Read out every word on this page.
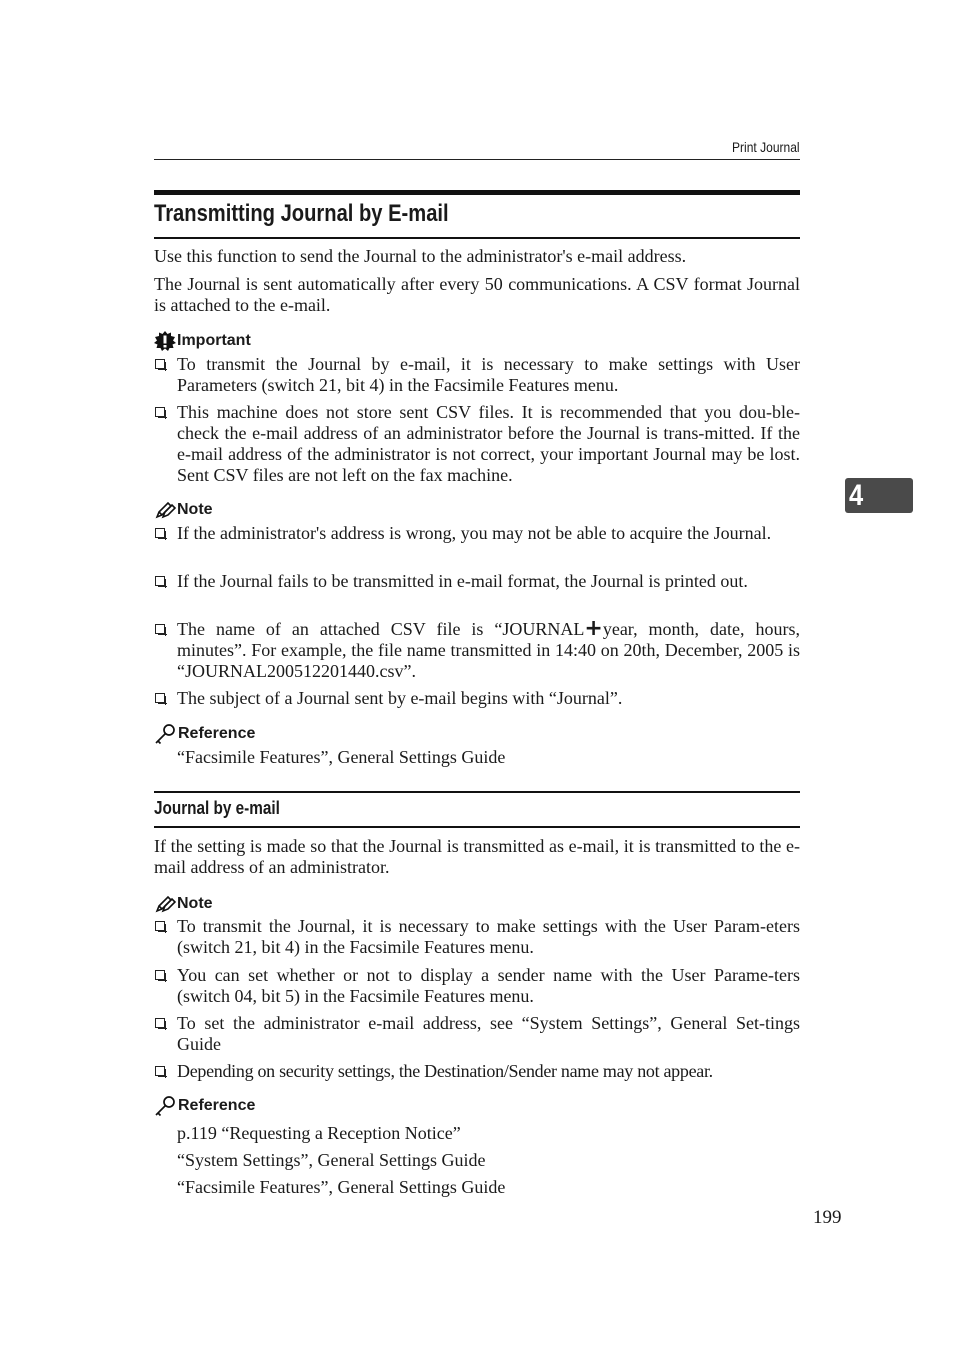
Print Journal
Transmitting Journal by E-mail
4

Use this function to send the Journal to the administrator's e-mail address.

The Journal is sent automatically after every 50 communications. A CSV format Journal is attached to the e-mail.

Important
To transmit the Journal by e-mail, it is necessary to make settings with User Parameters (switch 21, bit 4) in the Facsimile Features menu.
This machine does not store sent CSV files. It is recommended that you dou-ble-check the e-mail address of an administrator before the Journal is trans-mitted. If the e-mail address of the administrator is not correct, your important Journal may be lost. Sent CSV files are not left on the fax machine.
Note
If the administrator's address is wrong, you may not be able to acquire the Journal.
If the Journal fails to be transmitted in e-mail format, the Journal is printed out.
The name of an attached CSV file is “JOURNAL+year, month, date, hours, minutes”. For example, the file name transmitted in 14:40 on 20th, December, 2005 is “JOURNAL200512201440.csv”.
The subject of a Journal sent by e-mail begins with “Journal”.
Reference

“Facsimile Features”, General Settings Guide

Journal by e-mail

If the setting is made so that the Journal is transmitted as e-mail, it is transmitted to the e-mail address of an administrator.

Note
To transmit the Journal, it is necessary to make settings with the User Param-eters (switch 21, bit 4) in the Facsimile Features menu.
You can set whether or not to display a sender name with the User Parame-ters (switch 04, bit 5) in the Facsimile Features menu.
To set the administrator e-mail address, see “System Settings”, General Set-tings Guide
Depending on security settings, the Destination/Sender name may not appear.
Reference

p.119 “Requesting a Reception Notice”

“System Settings”, General Settings Guide

“Facsimile Features”, General Settings Guide

199
